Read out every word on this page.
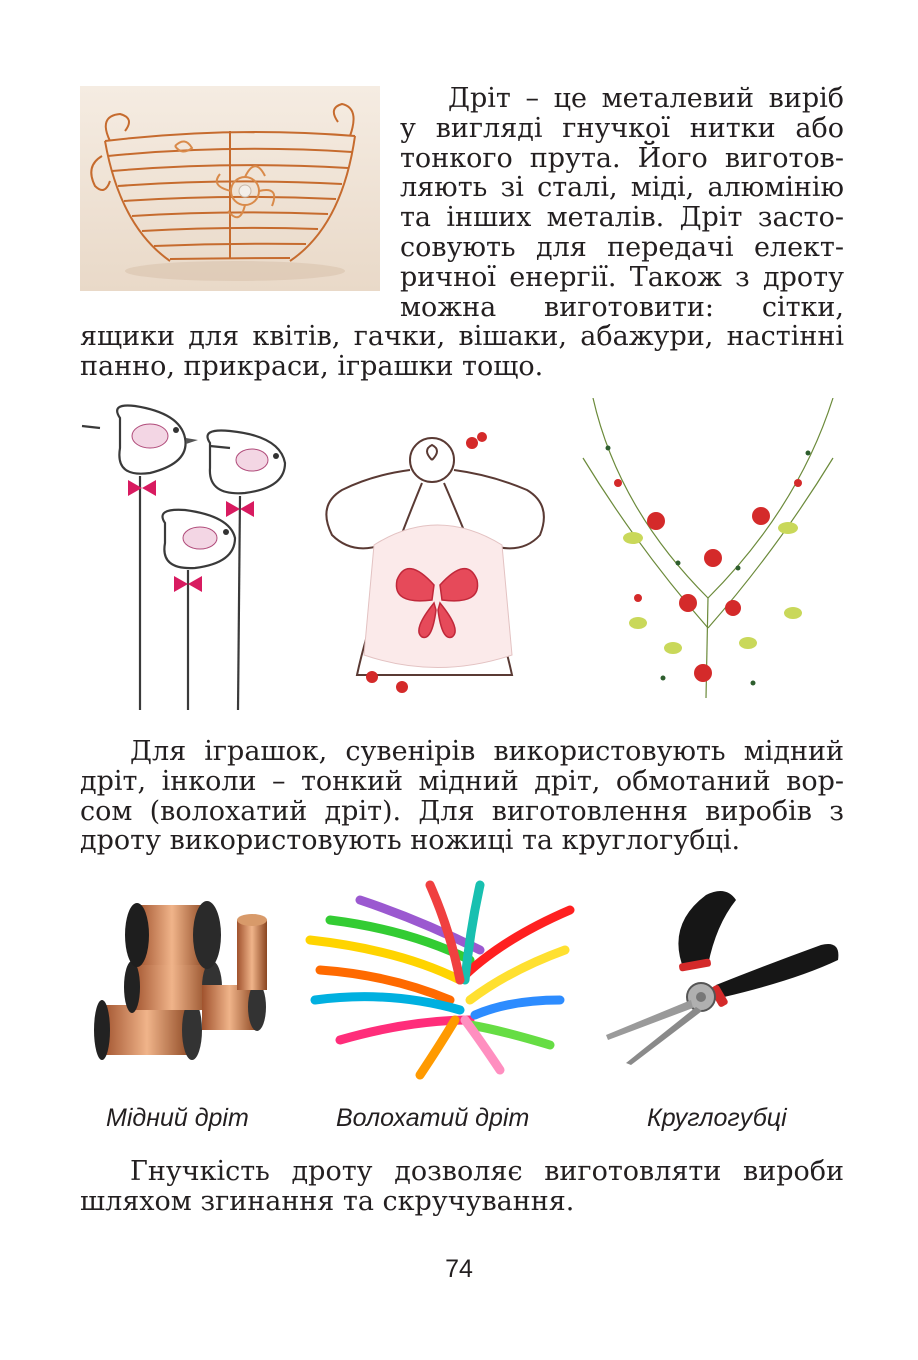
Дріт – це металевий виріб
у вигляді гнучкої нитки або
тонкого прута. Його виготов-
ляють зі сталі, міді, алюмінію
та інших металів. Дріт засто-
совують для передачі елект-
ричної енергії. Також з дроту
можна виготовити: сітки,
ящики для квітів, гачки, вішаки, абажури, настінні
панно, прикраси, іграшки тощо.
Для іграшок, сувенірів використовують мідний
дріт, інколи – тонкий мідний дріт, обмотаний вор-
сом (волохатий дріт). Для виготовлення виробів з
дроту використовують ножиці та круглогубці.
Мідний дріт	Волохатий дріт	Круглогубці
Гнучкість дроту дозволяє виготовляти вироби
шляхом згинання та скручування.
74
